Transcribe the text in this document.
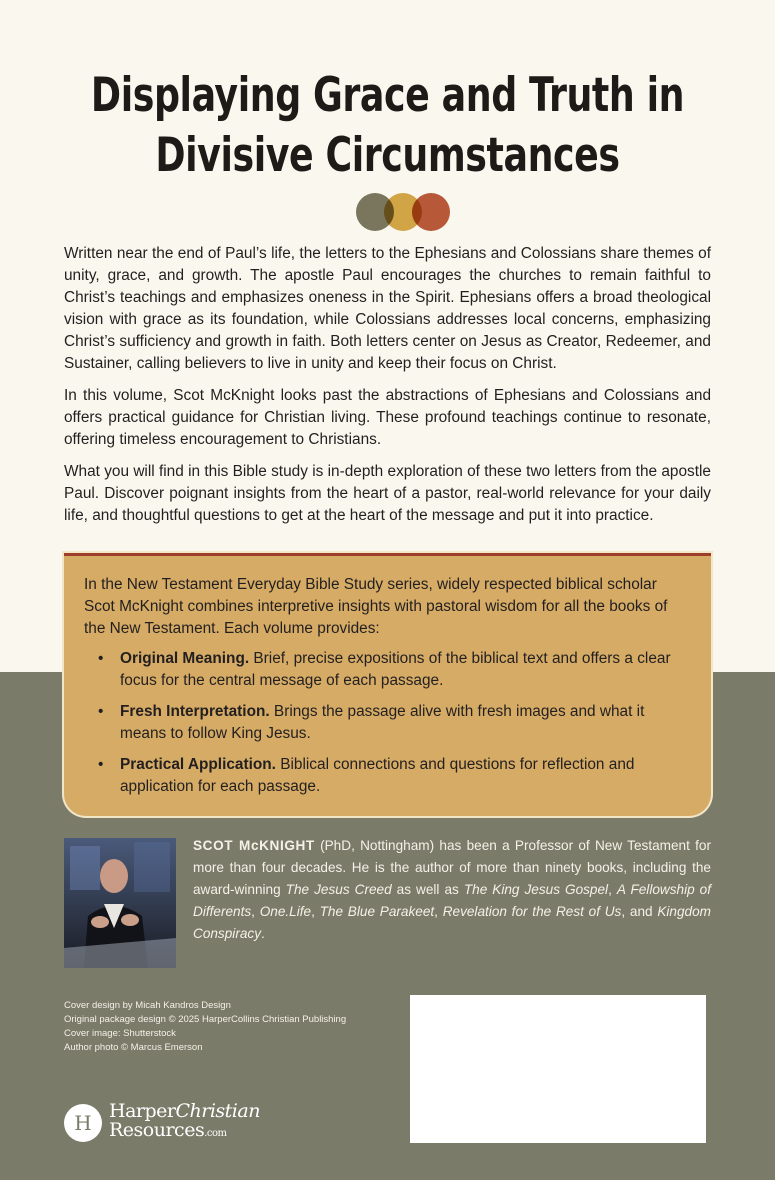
Displaying Grace and Truth in
Divisive Circumstances

Written near the end of Paul’s life, the letters to the Ephesians and Colossians share themes of unity, grace, and growth. The apostle Paul encourages the churches to remain faithful to Christ’s teachings and emphasizes oneness in the Spirit. Ephesians offers a broad theological vision with grace as its foundation, while Colossians addresses local concerns, emphasizing Christ’s sufficiency and growth in faith. Both letters center on Jesus as Creator, Redeemer, and Sustainer, calling believers to live in unity and keep their focus on Christ.

In this volume, Scot McKnight looks past the abstractions of Ephesians and Colossians and offers practical guidance for Christian living. These profound teachings continue to resonate, offering timeless encouragement to Christians.

What you will find in this Bible study is in-depth exploration of these two letters from the apostle Paul. Discover poignant insights from the heart of a pastor, real-world relevance for your daily life, and thoughtful questions to get at the heart of the message and put it into practice.

In the New Testament Everyday Bible Study series, widely respected biblical scholar Scot McKnight combines interpretive insights with pastoral wisdom for all the books of the New Testament. Each volume provides:

• Original Meaning. Brief, precise expositions of the biblical text and offers a clear focus for the central message of each passage.
• Fresh Interpretation. Brings the passage alive with fresh images and what it means to follow King Jesus.
• Practical Application. Biblical connections and questions for reflection and application for each passage.

SCOT McKNIGHT (PhD, Nottingham) has been a Professor of New Testament for more than four decades. He is the author of more than ninety books, including the award-winning The Jesus Creed as well as The King Jesus Gospel, A Fellowship of Differents, One.Life, The Blue Parakeet, Revelation for the Rest of Us, and Kingdom Conspiracy.

Cover design by Micah Kandros Design
Original package design © 2025 HarperCollins Christian Publishing
Cover image: Shutterstock
Author photo © Marcus Emerson
H HarperChristian
Resources.com
